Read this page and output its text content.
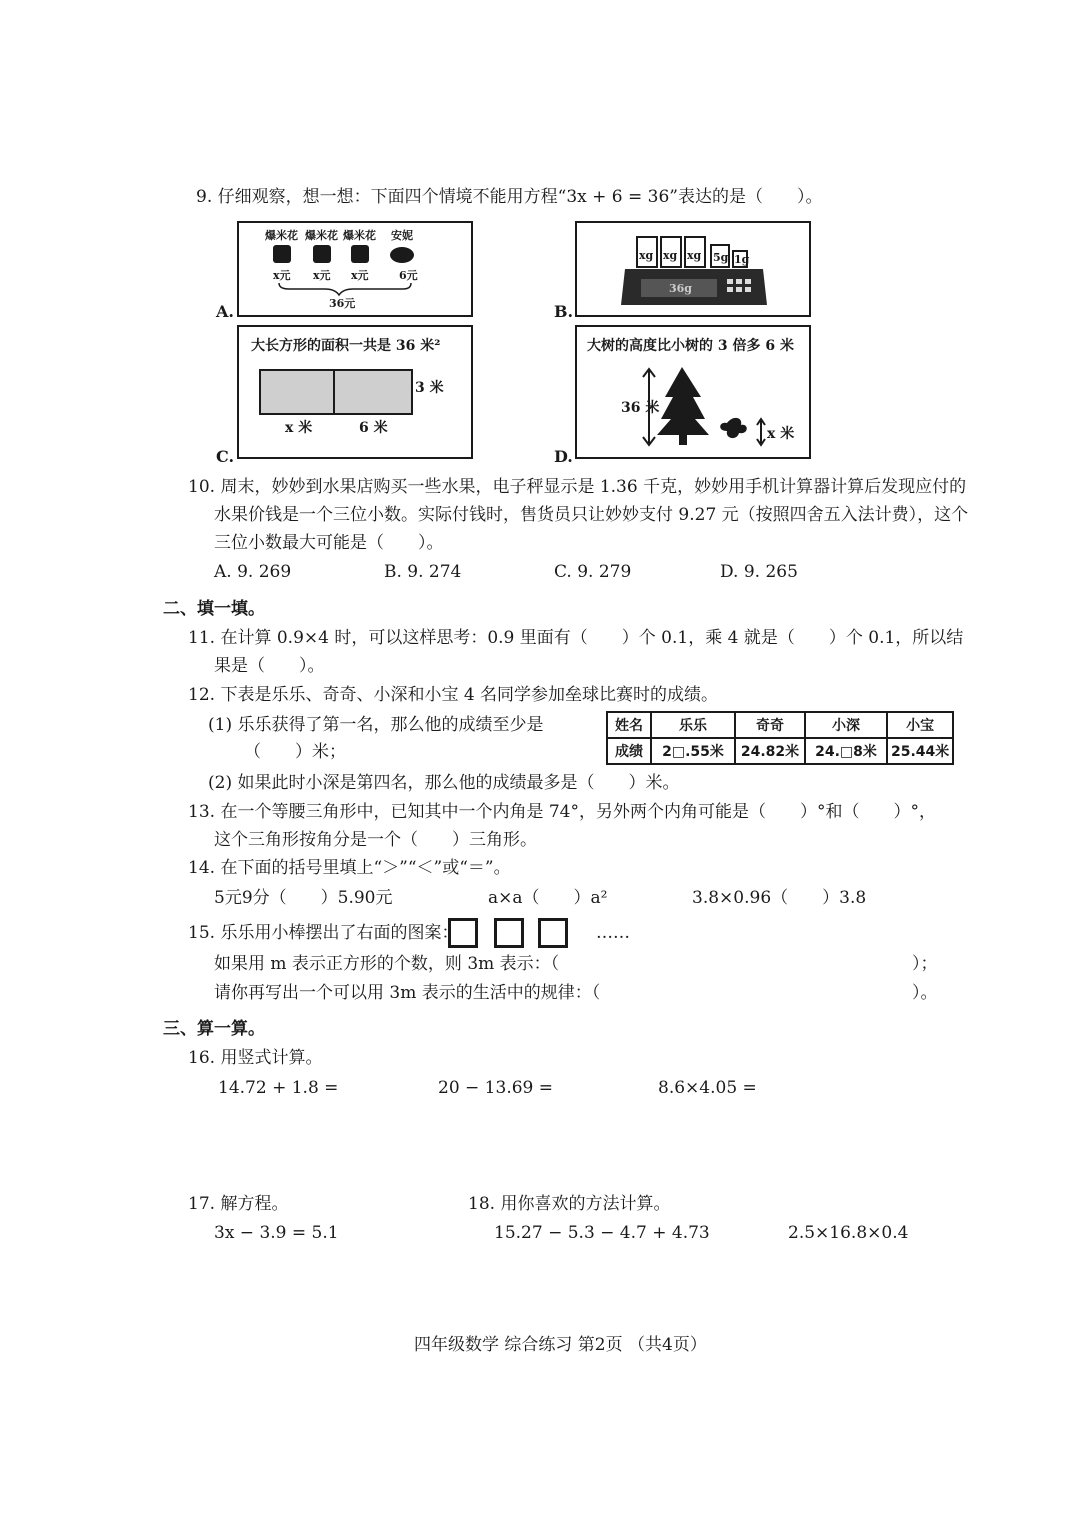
9. 仔细观察，想一想：下面四个情境不能用方程“3x + 6 = 36”表达的是（　　）。
爆米花 爆米花 爆米花 安妮
x元 x元 x元	6元
36元
A.
xg xg xg 5g 1g
36g
B.
大长方形的面积一共是 36 米²
3 米
x 米	6 米
C.
大树的高度比小树的 3 倍多 6 米
36 米
x 米
D.
10. 周末，妙妙到水果店购买一些水果，电子秤显示是 1.36 千克，妙妙用手机计算器计算后发现应付的
水果价钱是一个三位小数。实际付钱时，售货员只让妙妙支付 9.27 元（按照四舍五入法计费），这个
三位小数最大可能是（　　）。
A. 9. 269	B. 9. 274	C. 9. 279	D. 9. 265
二、填一填。
11. 在计算 0.9×4 时，可以这样思考：0.9 里面有（　　）个 0.1，乘 4 就是（　　）个 0.1，所以结
果是（　　）。
12. 下表是乐乐、奇奇、小深和小宝 4 名同学参加垒球比赛时的成绩。
(1) 乐乐获得了第一名，那么他的成绩至少是
（　　）米；
姓名	乐乐	奇奇	小深	小宝
成绩	2□.55米	24.82米	24.□8米	25.44米
(2) 如果此时小深是第四名，那么他的成绩最多是（　　）米。
13. 在一个等腰三角形中，已知其中一个内角是 74°，另外两个内角可能是（　　）°和（　　）°，
这个三角形按角分是一个（　　）三角形。
14. 在下面的括号里填上“＞”“＜”或“＝”。
5元9分（　　）5.90元	a×a（　　）a²	3.8×0.96（　　）3.8
15. 乐乐用小棒摆出了右面的图案：	……
如果用 m 表示正方形的个数，则 3m 表示：（	）；
请你再写出一个可以用 3m 表示的生活中的规律：（	）。
三、算一算。
16. 用竖式计算。
14.72 + 1.8 =	20 − 13.69 =	8.6×4.05 =
17. 解方程。
3x − 3.9 = 5.1
18. 用你喜欢的方法计算。
15.27 − 5.3 − 4.7 + 4.73	2.5×16.8×0.4
四年级数学 综合练习 第2页 （共4页）
